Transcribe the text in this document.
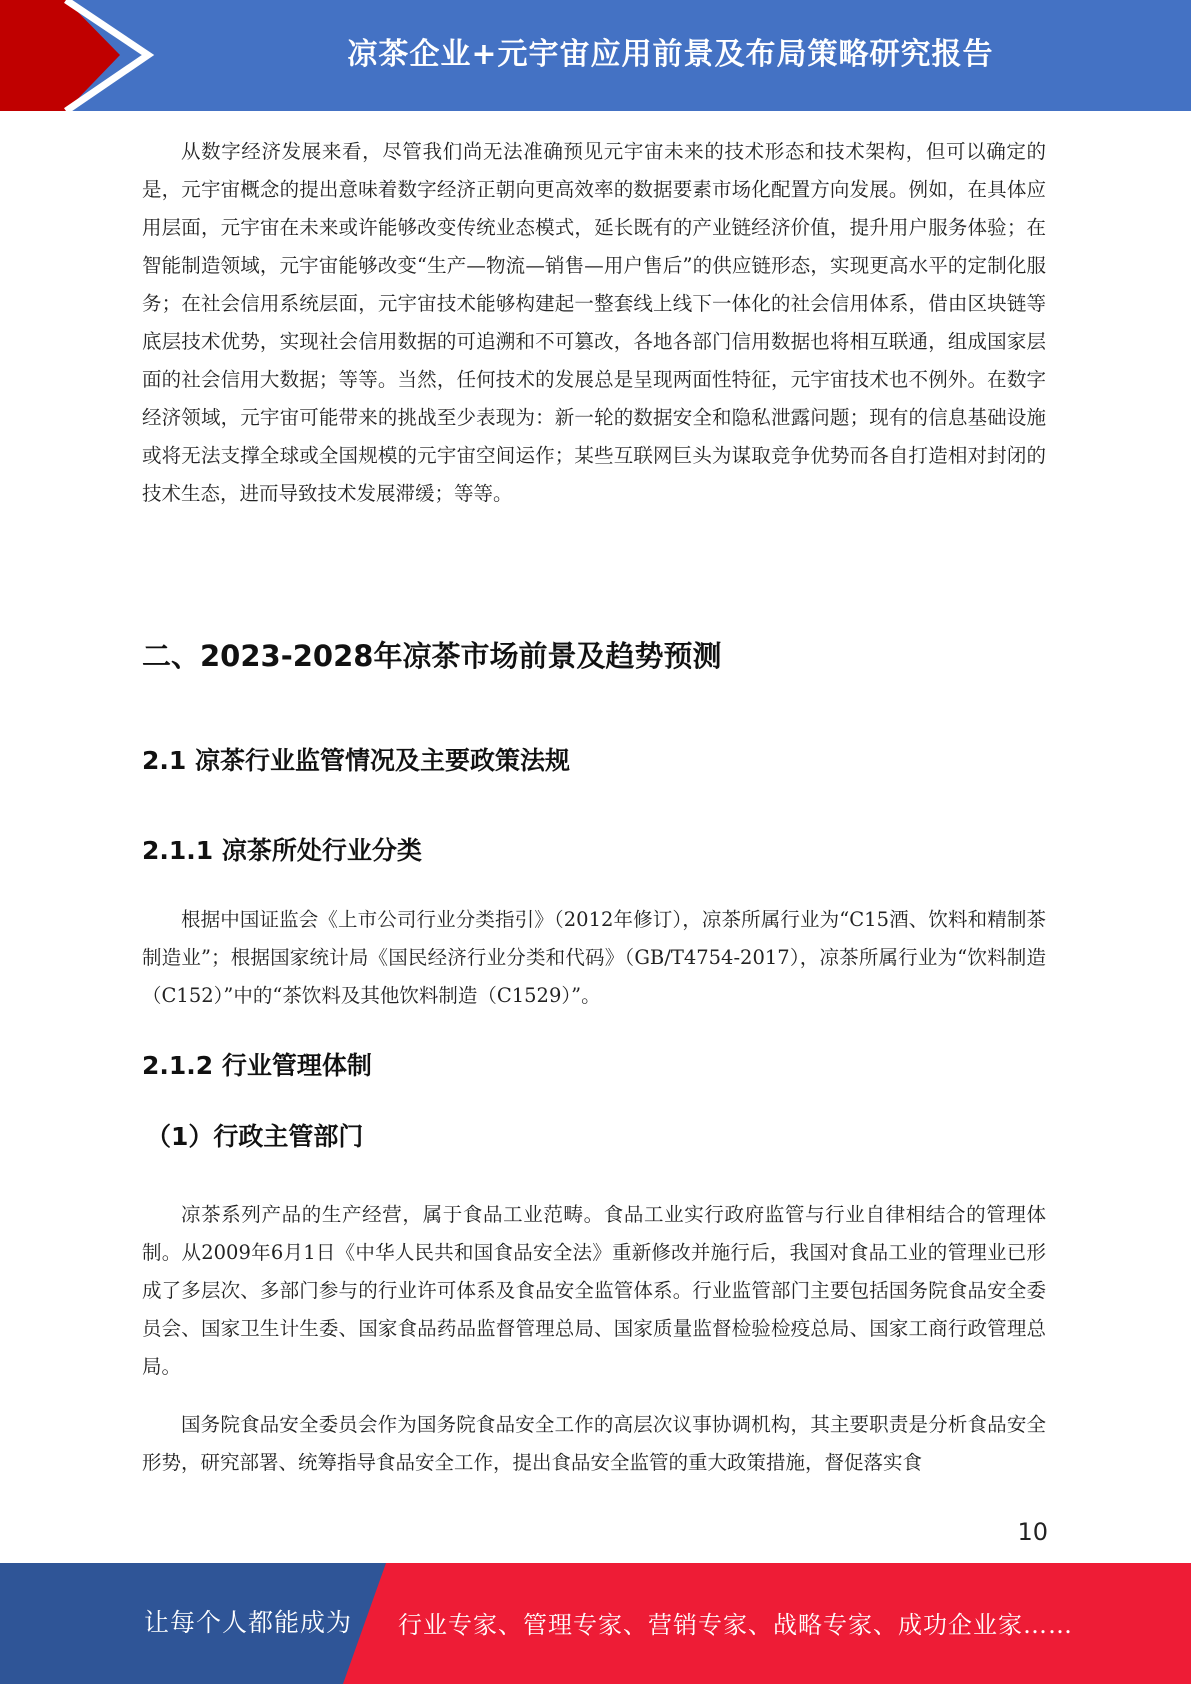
凉茶企业+元宇宙应用前景及布局策略研究报告

从数字经济发展来看，尽管我们尚无法准确预见元宇宙未来的技术形态和技术架构，但可以确定的是，元宇宙概念的提出意味着数字经济正朝向更高效率的数据要素市场化配置方向发展。例如，在具体应用层面，元宇宙在未来或许能够改变传统业态模式，延长既有的产业链经济价值，提升用户服务体验；在智能制造领域，元宇宙能够改变“生产—物流—销售—用户售后”的供应链形态，实现更高水平的定制化服务；在社会信用系统层面，元宇宙技术能够构建起一整套线上线下一体化的社会信用体系，借由区块链等底层技术优势，实现社会信用数据的可追溯和不可篡改，各地各部门信用数据也将相互联通，组成国家层面的社会信用大数据；等等。当然，任何技术的发展总是呈现两面性特征，元宇宙技术也不例外。在数字经济领域，元宇宙可能带来的挑战至少表现为：新一轮的数据安全和隐私泄露问题；现有的信息基础设施或将无法支撑全球或全国规模的元宇宙空间运作；某些互联网巨头为谋取竞争优势而各自打造相对封闭的技术生态，进而导致技术发展滞缓；等等。

二、2023-2028年凉茶市场前景及趋势预测
2.1 凉茶行业监管情况及主要政策法规
2.1.1 凉茶所处行业分类

根据中国证监会《上市公司行业分类指引》（2012年修订），凉茶所属行业为“C15酒、饮料和精制茶制造业”；根据国家统计局《国民经济行业分类和代码》（GB/T4754-2017），凉茶所属行业为“饮料制造（C152）”中的“茶饮料及其他饮料制造（C1529）”。

2.1.2 行业管理体制
（1）行政主管部门

凉茶系列产品的生产经营，属于食品工业范畴。食品工业实行政府监管与行业自律相结合的管理体制。从2009年6月1日《中华人民共和国食品安全法》重新修改并施行后，我国对食品工业的管理业已形成了多层次、多部门参与的行业许可体系及食品安全监管体系。行业监管部门主要包括国务院食品安全委员会、国家卫生计生委、国家食品药品监督管理总局、国家质量监督检验检疫总局、国家工商行政管理总局。

国务院食品安全委员会作为国务院食品安全工作的高层次议事协调机构，其主要职责是分析食品安全形势，研究部署、统筹指导食品安全工作，提出食品安全监管的重大政策措施，督促落实食

10
让每个人都能成为 行业专家、管理专家、营销专家、战略专家、成功企业家……
